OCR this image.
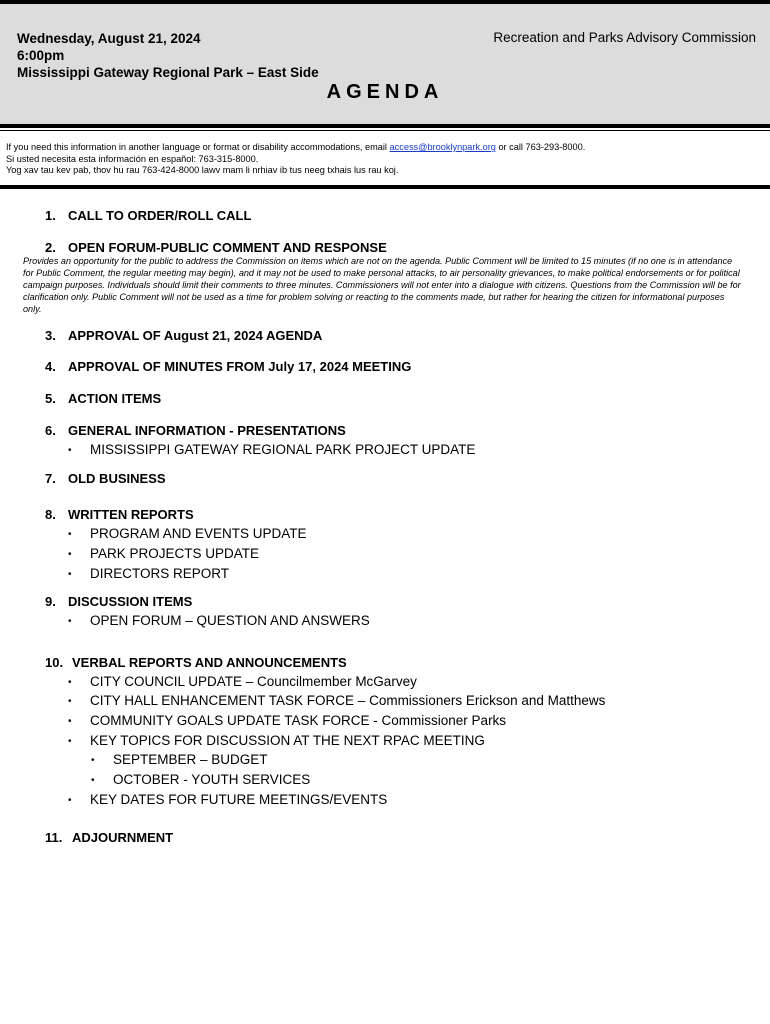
Wednesday, August 21, 2024
6:00pm
Mississippi Gateway Regional Park – East Side
Recreation and Parks Advisory Commission
AGENDA
If you need this information in another language or format or disability accommodations, email access@brooklynpark.org or call 763-293-8000.
Si usted necesita esta información en español: 763-315-8000.
Yog xav tau kev pab, thov hu rau 763-424-8000 lawv mam li nrhiav ib tus neeg txhais lus rau koj.
1. CALL TO ORDER/ROLL CALL
2. OPEN FORUM-PUBLIC COMMENT AND RESPONSE
Provides an opportunity for the public to address the Commission on items which are not on the agenda. Public Comment will be limited to 15 minutes (if no one is in attendance for Public Comment, the regular meeting may begin), and it may not be used to make personal attacks, to air personality grievances, to make political endorsements or for political campaign purposes. Individuals should limit their comments to three minutes. Commissioners will not enter into a dialogue with citizens. Questions from the Commission will be for clarification only. Public Comment will not be used as a time for problem solving or reacting to the comments made, but rather for hearing the citizen for informational purposes only.
3. APPROVAL OF August 21, 2024 AGENDA
4. APPROVAL OF MINUTES FROM July 17, 2024 MEETING
5. ACTION ITEMS
6. GENERAL INFORMATION - PRESENTATIONS
• MISSISSIPPI GATEWAY REGIONAL PARK PROJECT UPDATE
7. OLD BUSINESS
8. WRITTEN REPORTS
• PROGRAM AND EVENTS UPDATE
• PARK PROJECTS UPDATE
• DIRECTORS REPORT
9. DISCUSSION ITEMS
• OPEN FORUM – QUESTION AND ANSWERS
10. VERBAL REPORTS AND ANNOUNCEMENTS
• CITY COUNCIL UPDATE – Councilmember McGarvey
• CITY HALL ENHANCEMENT TASK FORCE – Commissioners Erickson and Matthews
• COMMUNITY GOALS UPDATE TASK FORCE - Commissioner Parks
• KEY TOPICS FOR DISCUSSION AT THE NEXT RPAC MEETING
• SEPTEMBER – BUDGET
• OCTOBER - YOUTH SERVICES
• KEY DATES FOR FUTURE MEETINGS/EVENTS
11. ADJOURNMENT
